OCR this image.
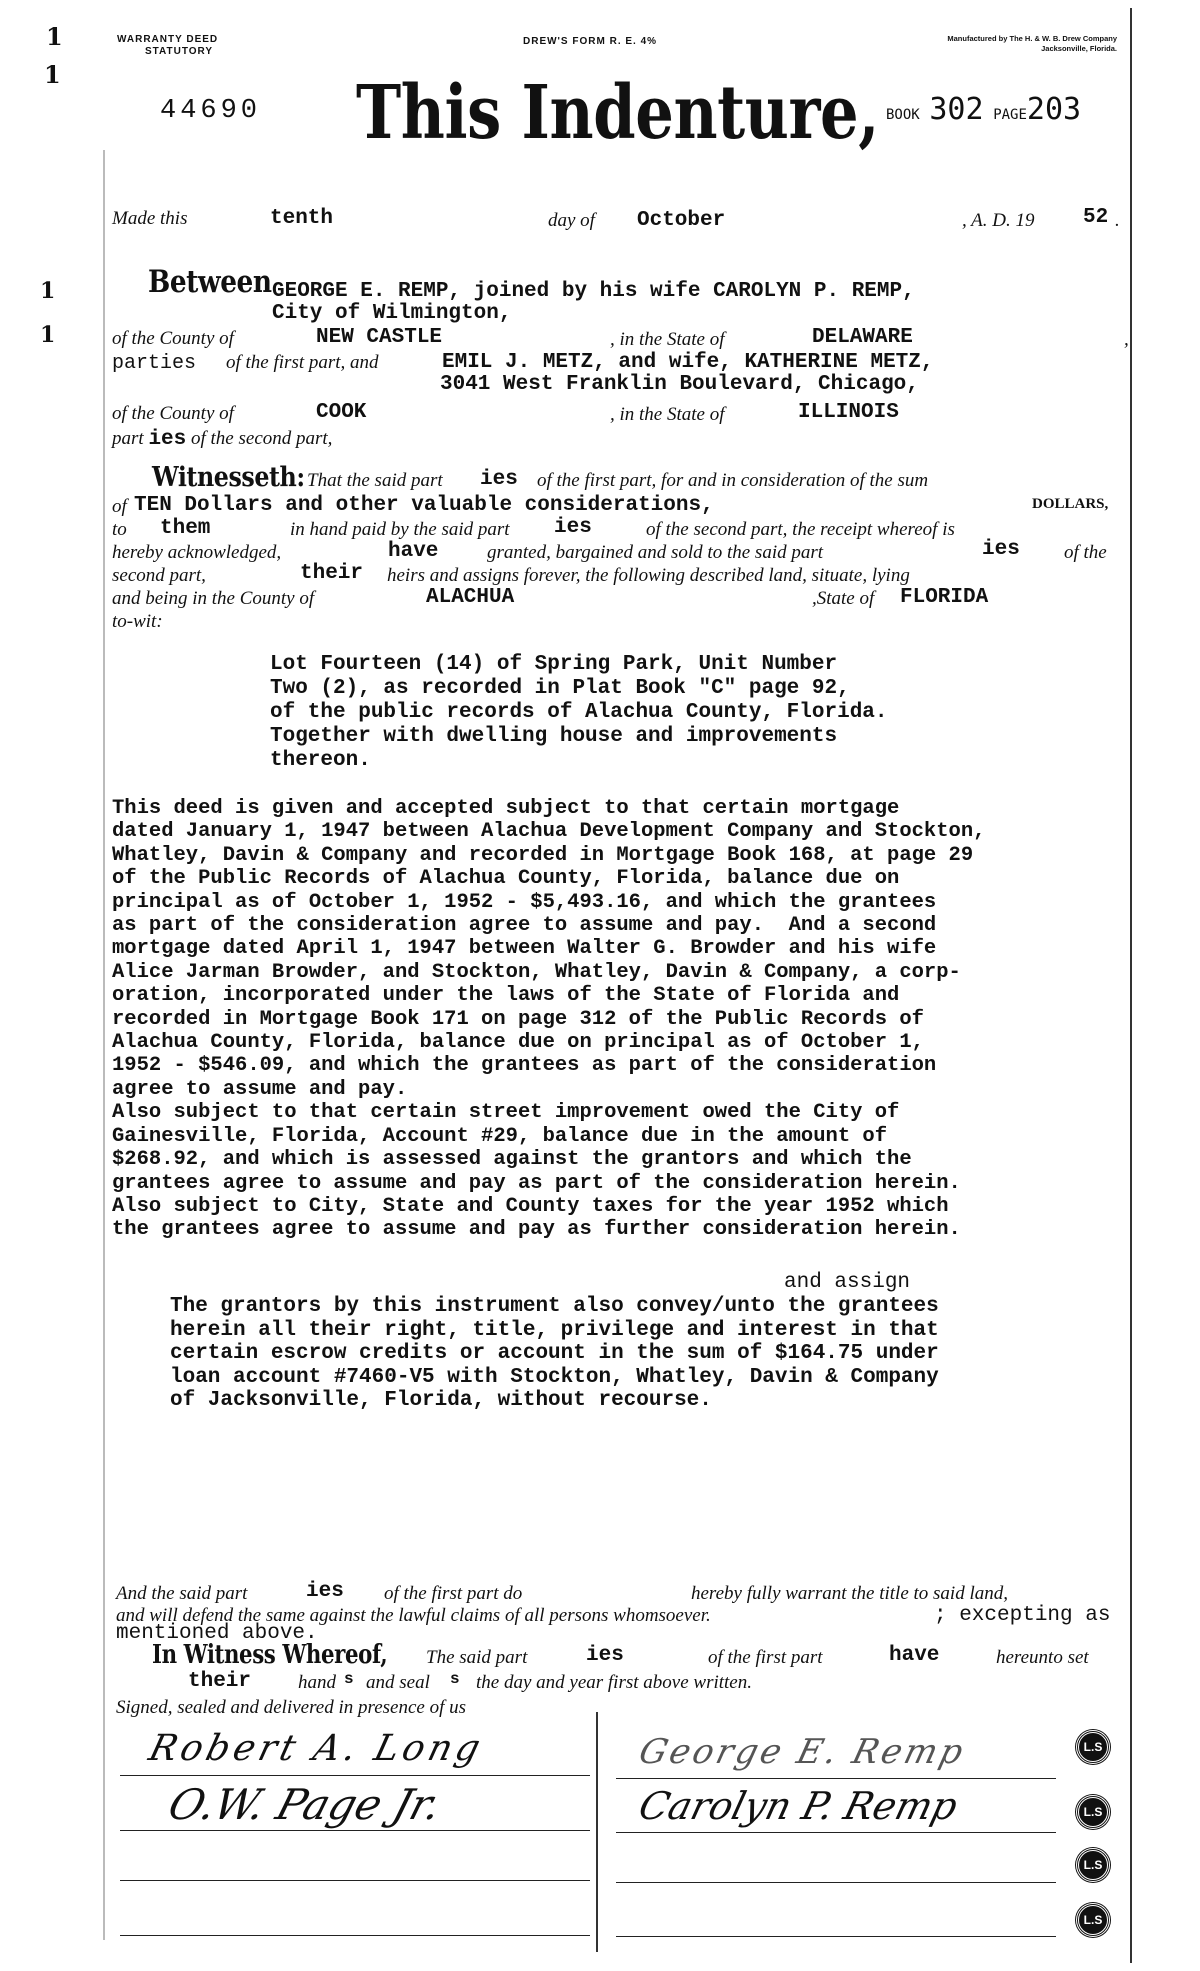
1
1
1
1
WARRANTY DEED
STATUTORY
DREW'S FORM R. E. 4%	Manufactured by The H. & W. B. Drew Company
Jacksonville, Florida.
44690 This Indenture, BOOK 302 PAGE203
Made this	tenth	day of October	, A. D. 19 52 .
Between GEORGE E. REMP, joined by his wife CAROLYN P. REMP,
City of Wilmington,
of the County of	NEW CASTLE	, in the State of	DELAWARE	,
parties of the first part, and	EMIL J. METZ, and wife, KATHERINE METZ,
3041 West Franklin Boulevard, Chicago,
of the County of	COOK	, in the State of	ILLINOIS
part ies of the second part,
Witnesseth: That the said part ies of the first part, for and in consideration of the sum
of TEN Dollars and other valuable considerations,	DOLLARS,
to them	in hand paid by the said part ies	of the second part, the receipt whereof is
hereby acknowledged,	have	granted, bargained and sold to the said part	ies of the
second part,	their heirs and assigns forever, the following described land, situate, lying
and being in the County of	ALACHUA	,State of FLORIDA
to-wit:
Lot Fourteen (14) of Spring Park, Unit Number
Two (2), as recorded in Plat Book "C" page 92,
of the public records of Alachua County, Florida.
Together with dwelling house and improvements
thereon.
This deed is given and accepted subject to that certain mortgage
dated January 1, 1947 between Alachua Development Company and Stockton,
Whatley, Davin & Company and recorded in Mortgage Book 168, at page 29
of the Public Records of Alachua County, Florida, balance due on
principal as of October 1, 1952 - $5,493.16, and which the grantees
as part of the consideration agree to assume and pay.  And a second
mortgage dated April 1, 1947 between Walter G. Browder and his wife
Alice Jarman Browder, and Stockton, Whatley, Davin & Company, a corp-
oration, incorporated under the laws of the State of Florida and
recorded in Mortgage Book 171 on page 312 of the Public Records of
Alachua County, Florida, balance due on principal as of October 1,
1952 - $546.09, and which the grantees as part of the consideration
agree to assume and pay.
Also subject to that certain street improvement owed the City of
Gainesville, Florida, Account #29, balance due in the amount of
$268.92, and which is assessed against the grantors and which the
grantees agree to assume and pay as part of the consideration herein.
Also subject to City, State and County taxes for the year 1952 which
the grantees agree to assume and pay as further consideration herein.
and assign
The grantors by this instrument also convey/unto the grantees
herein all their right, title, privilege and interest in that
certain escrow credits or account in the sum of $164.75 under
loan account #7460-V5 with Stockton, Whatley, Davin & Company
of Jacksonville, Florida, without recourse.
And the said part	ies of the first part do	hereby fully warrant the title to said land,
and will defend the same against the lawful claims of all persons whomsoever.	; excepting as
mentioned above.
In Witness Whereof, The said part	ies	of the first part	have	hereunto set
their hand s and seal s the day and year first above written.
Signed, sealed and delivered in presence of us
Robert A. Long
O.W. Page Jr.
George E. Remp
Carolyn P. Remp
L.S
L.S
L.S
L.S
